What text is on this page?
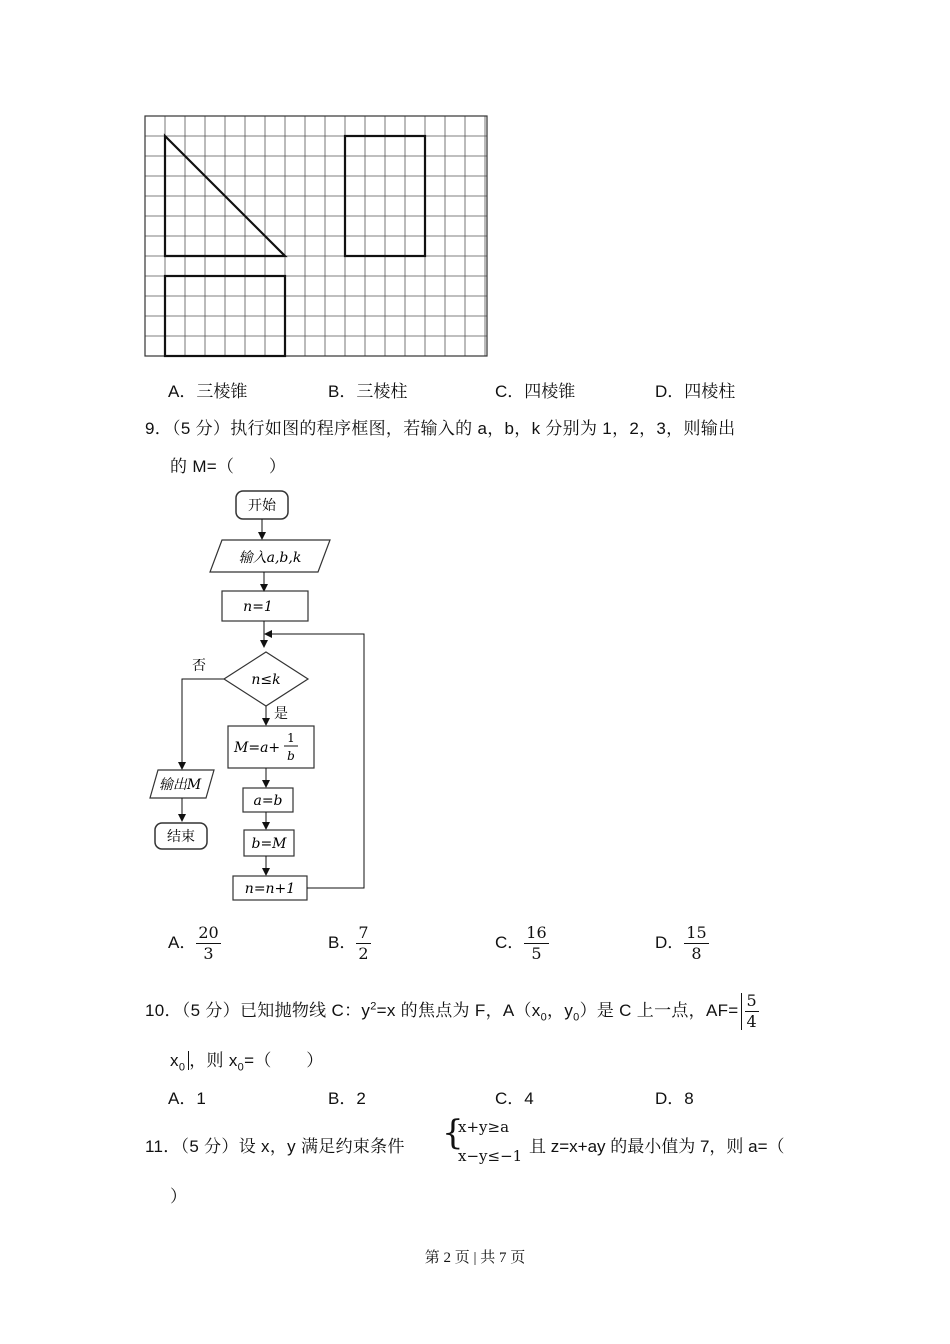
A．三棱锥	B．三棱柱	C．四棱锥	D．四棱柱
9．（5 分）执行如图的程序框图，若输入的 a，b，k 分别为 1，2，3，则输出
的 M=（　　）
开始
输入a,b,k
n=1
n≤k
否
是
M=a+
1
b
a=b
b=M
n=n+1
输出M
结束
A． $\frac{20}{3}$	B． $\frac{7}{2}$	C． $\frac{16}{5}$	D． $\frac{15}{8}$
10．（5 分）已知抛物线 C：$y^2=x$ 的焦点为 F，$A(x_0$，$y_0$）是 C 上一点，$AF= \frac{5}{4}$
$x_0$ ，则 $x_0=$（　　）
A．1	B．2	C．4	D．8
11．（5 分）设 x，y 满足约束条件 {
x+y≥a
x−y≤−1 且 z=x+ay 的最小值为 7，则 a=（
）
第 2 页 | 共 7 页
